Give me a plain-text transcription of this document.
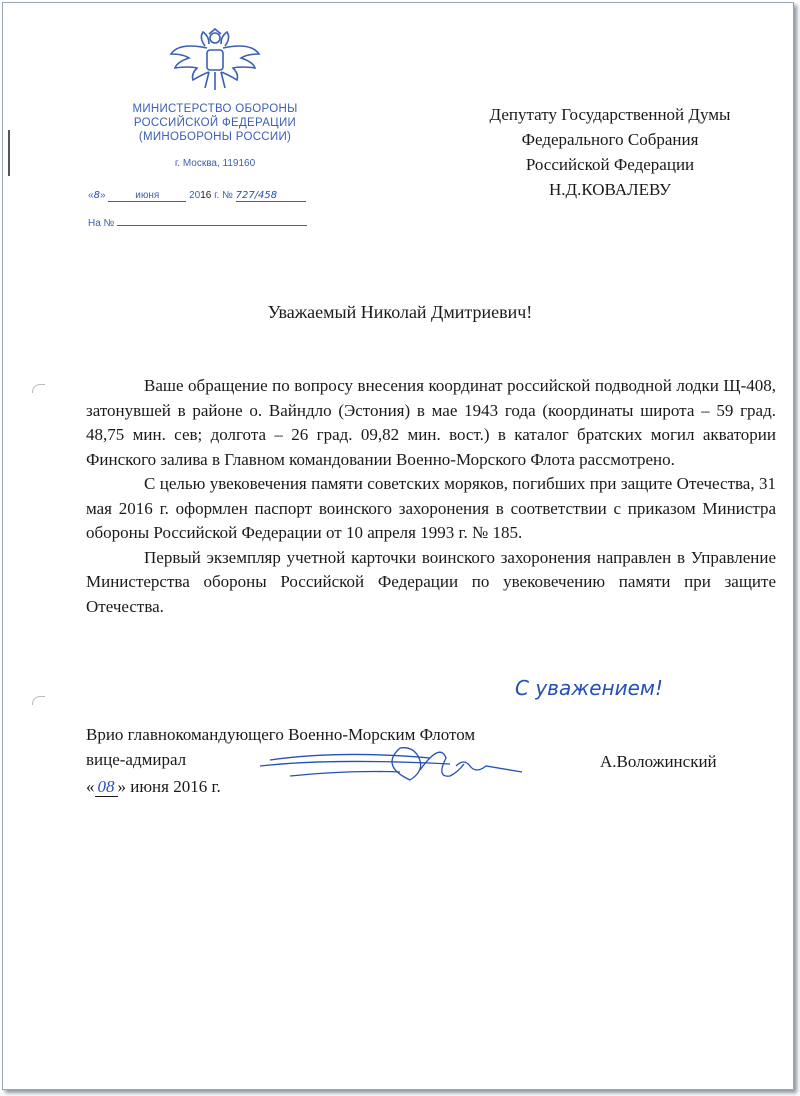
МИНИСТЕРСТВО ОБОРОНЫ
РОССИЙСКОЙ ФЕДЕРАЦИИ
(МИНОБОРОНЫ РОССИИ)
г. Москва, 119160
«8»	июня	2016 г. № 727/458
На №
Депутату Государственной Думы
Федерального Собрания
Российской Федерации
Н.Д.КОВАЛЕВУ
Уважаемый Николай Дмитриевич!

Ваше обращение по вопросу внесения координат российской подводной лодки Щ-408, затонувшей в районе о. Вайндло (Эстония) в мае 1943 года (координаты широта – 59 град. 48,75 мин. сев; долгота – 26 град. 09,82 мин. вост.) в каталог братских могил акватории Финского залива в Главном командовании Военно-Морского Флота рассмотрено.

С целью увековечения памяти советских моряков, погибших при защите Отечества, 31 мая 2016 г. оформлен паспорт воинского захоронения в соответствии с приказом Министра обороны Российской Федерации от 10 апреля 1993 г. № 185.

Первый экземпляр учетной карточки воинского захоронения направлен в Управление Министерства обороны Российской Федерации по увековечению памяти при защите Отечества.

С уважением!
Врио главнокомандующего Военно-Морским Флотом
вице-адмирал	А.Воложинский
« 08 » июня 2016 г.
